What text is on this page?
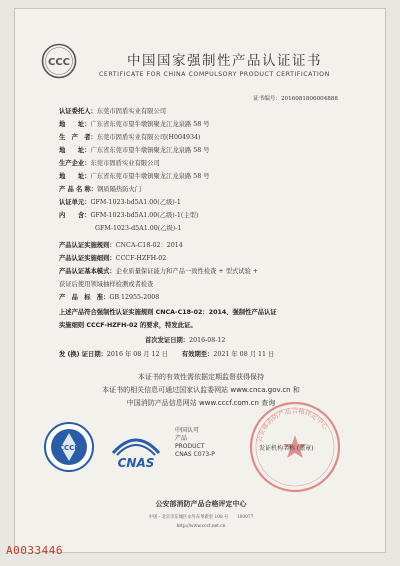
CCC	中国国家强制性产品认证证书
CERTIFICATE FOR CHINA COMPULSORY PRODUCT CERTIFICATION
证书编号：2016081806004888
认证委托人：东莞市固盾实业有限公司
地　　址：广东省东莞市望牛墩镇聚龙江龙泉路 58 号
生　产　者：东莞市固盾实业有限公司(H004934)
地　　址：广东省东莞市望牛墩镇聚龙江龙泉路 58 号
生产企业：东莞市固盾实业有限公司
地　　址：广东省东莞市望牛墩镇聚龙江龙泉路 58 号
产 品 名 称：钢质隔热防火门
认证单元：GFM-1023-bd5A1.00(乙级)-1
内　　含：GFM-1023-bd5A1.00(乙级)-1(主型)
GFM-1023-d5A1.00(乙级)-1
产品认证实施规则：CNCA-C18-02：2014
产品认证实施细则：CCCF-HZFH-02
产品认证基本模式：企业质量保证能力和产品一致性检查 + 型式试验 +
获证后使用领域抽样检测或者检查
产　品　标　准：GB 12955-2008
上述产品符合强制性认证实施规则 CNCA-C18-02：2014、强制性产品认证
实施细则 CCCF-HZFH-02 的要求，特发此证。
首次发证日期：2016-08-12
发 (换) 证日期：2016 年 08 月 12 日 有效期至：2021 年 08 月 11 日
本证书的有效性需依据定期监督获得保持
本证书的相关信息可通过国家认监委网站 www.cnca.gov.cn 和
中国消防产品信息网站 www.cccf.com.cn 查询
CCCF
CNAS
中国认可
产品
PRODUCT
CNAS C073-P
公安部消防产品合格评定中心
发证机构名称 (盖章)
公安部消防产品合格评定中心
中国・北京市东城区永外东革新里 108 号　　100077
http://www.cccf.net.cn
A0033446
